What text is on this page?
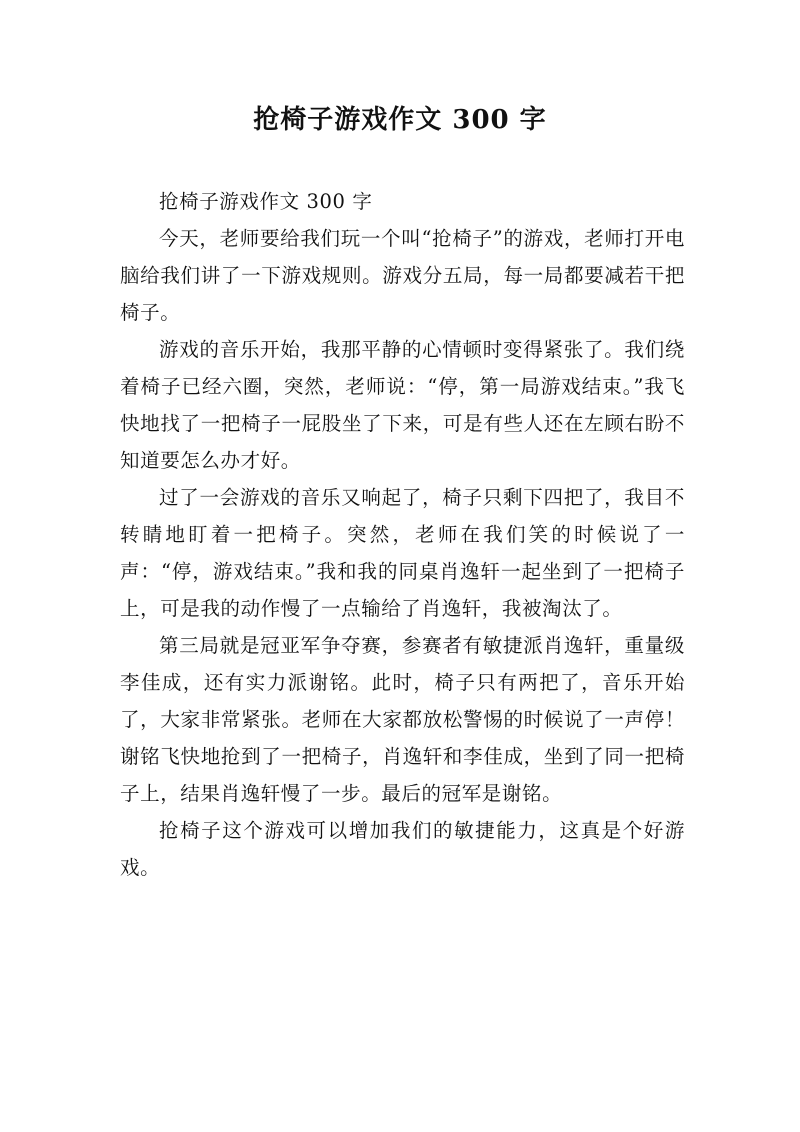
抢椅子游戏作文 300 字

抢椅子游戏作文 300 字

今天，老师要给我们玩一个叫“抢椅子”的游戏，老师打开电脑给我们讲了一下游戏规则。游戏分五局，每一局都要减若干把椅子。

游戏的音乐开始，我那平静的心情顿时变得紧张了。我们绕着椅子已经六圈，突然，老师说：“停，第一局游戏结束。”我飞快地找了一把椅子一屁股坐了下来，可是有些人还在左顾右盼不知道要怎么办才好。

过了一会游戏的音乐又响起了，椅子只剩下四把了，我目不转睛地盯着一把椅子。突然，老师在我们笑的时候说了一声：“停，游戏结束。”我和我的同桌肖逸轩一起坐到了一把椅子上，可是我的动作慢了一点输给了肖逸轩，我被淘汰了。

第三局就是冠亚军争夺赛，参赛者有敏捷派肖逸轩，重量级李佳成，还有实力派谢铭。此时，椅子只有两把了，音乐开始了，大家非常紧张。老师在大家都放松警惕的时候说了一声停！谢铭飞快地抢到了一把椅子，肖逸轩和李佳成，坐到了同一把椅子上，结果肖逸轩慢了一步。最后的冠军是谢铭。

抢椅子这个游戏可以增加我们的敏捷能力，这真是个好游戏。
